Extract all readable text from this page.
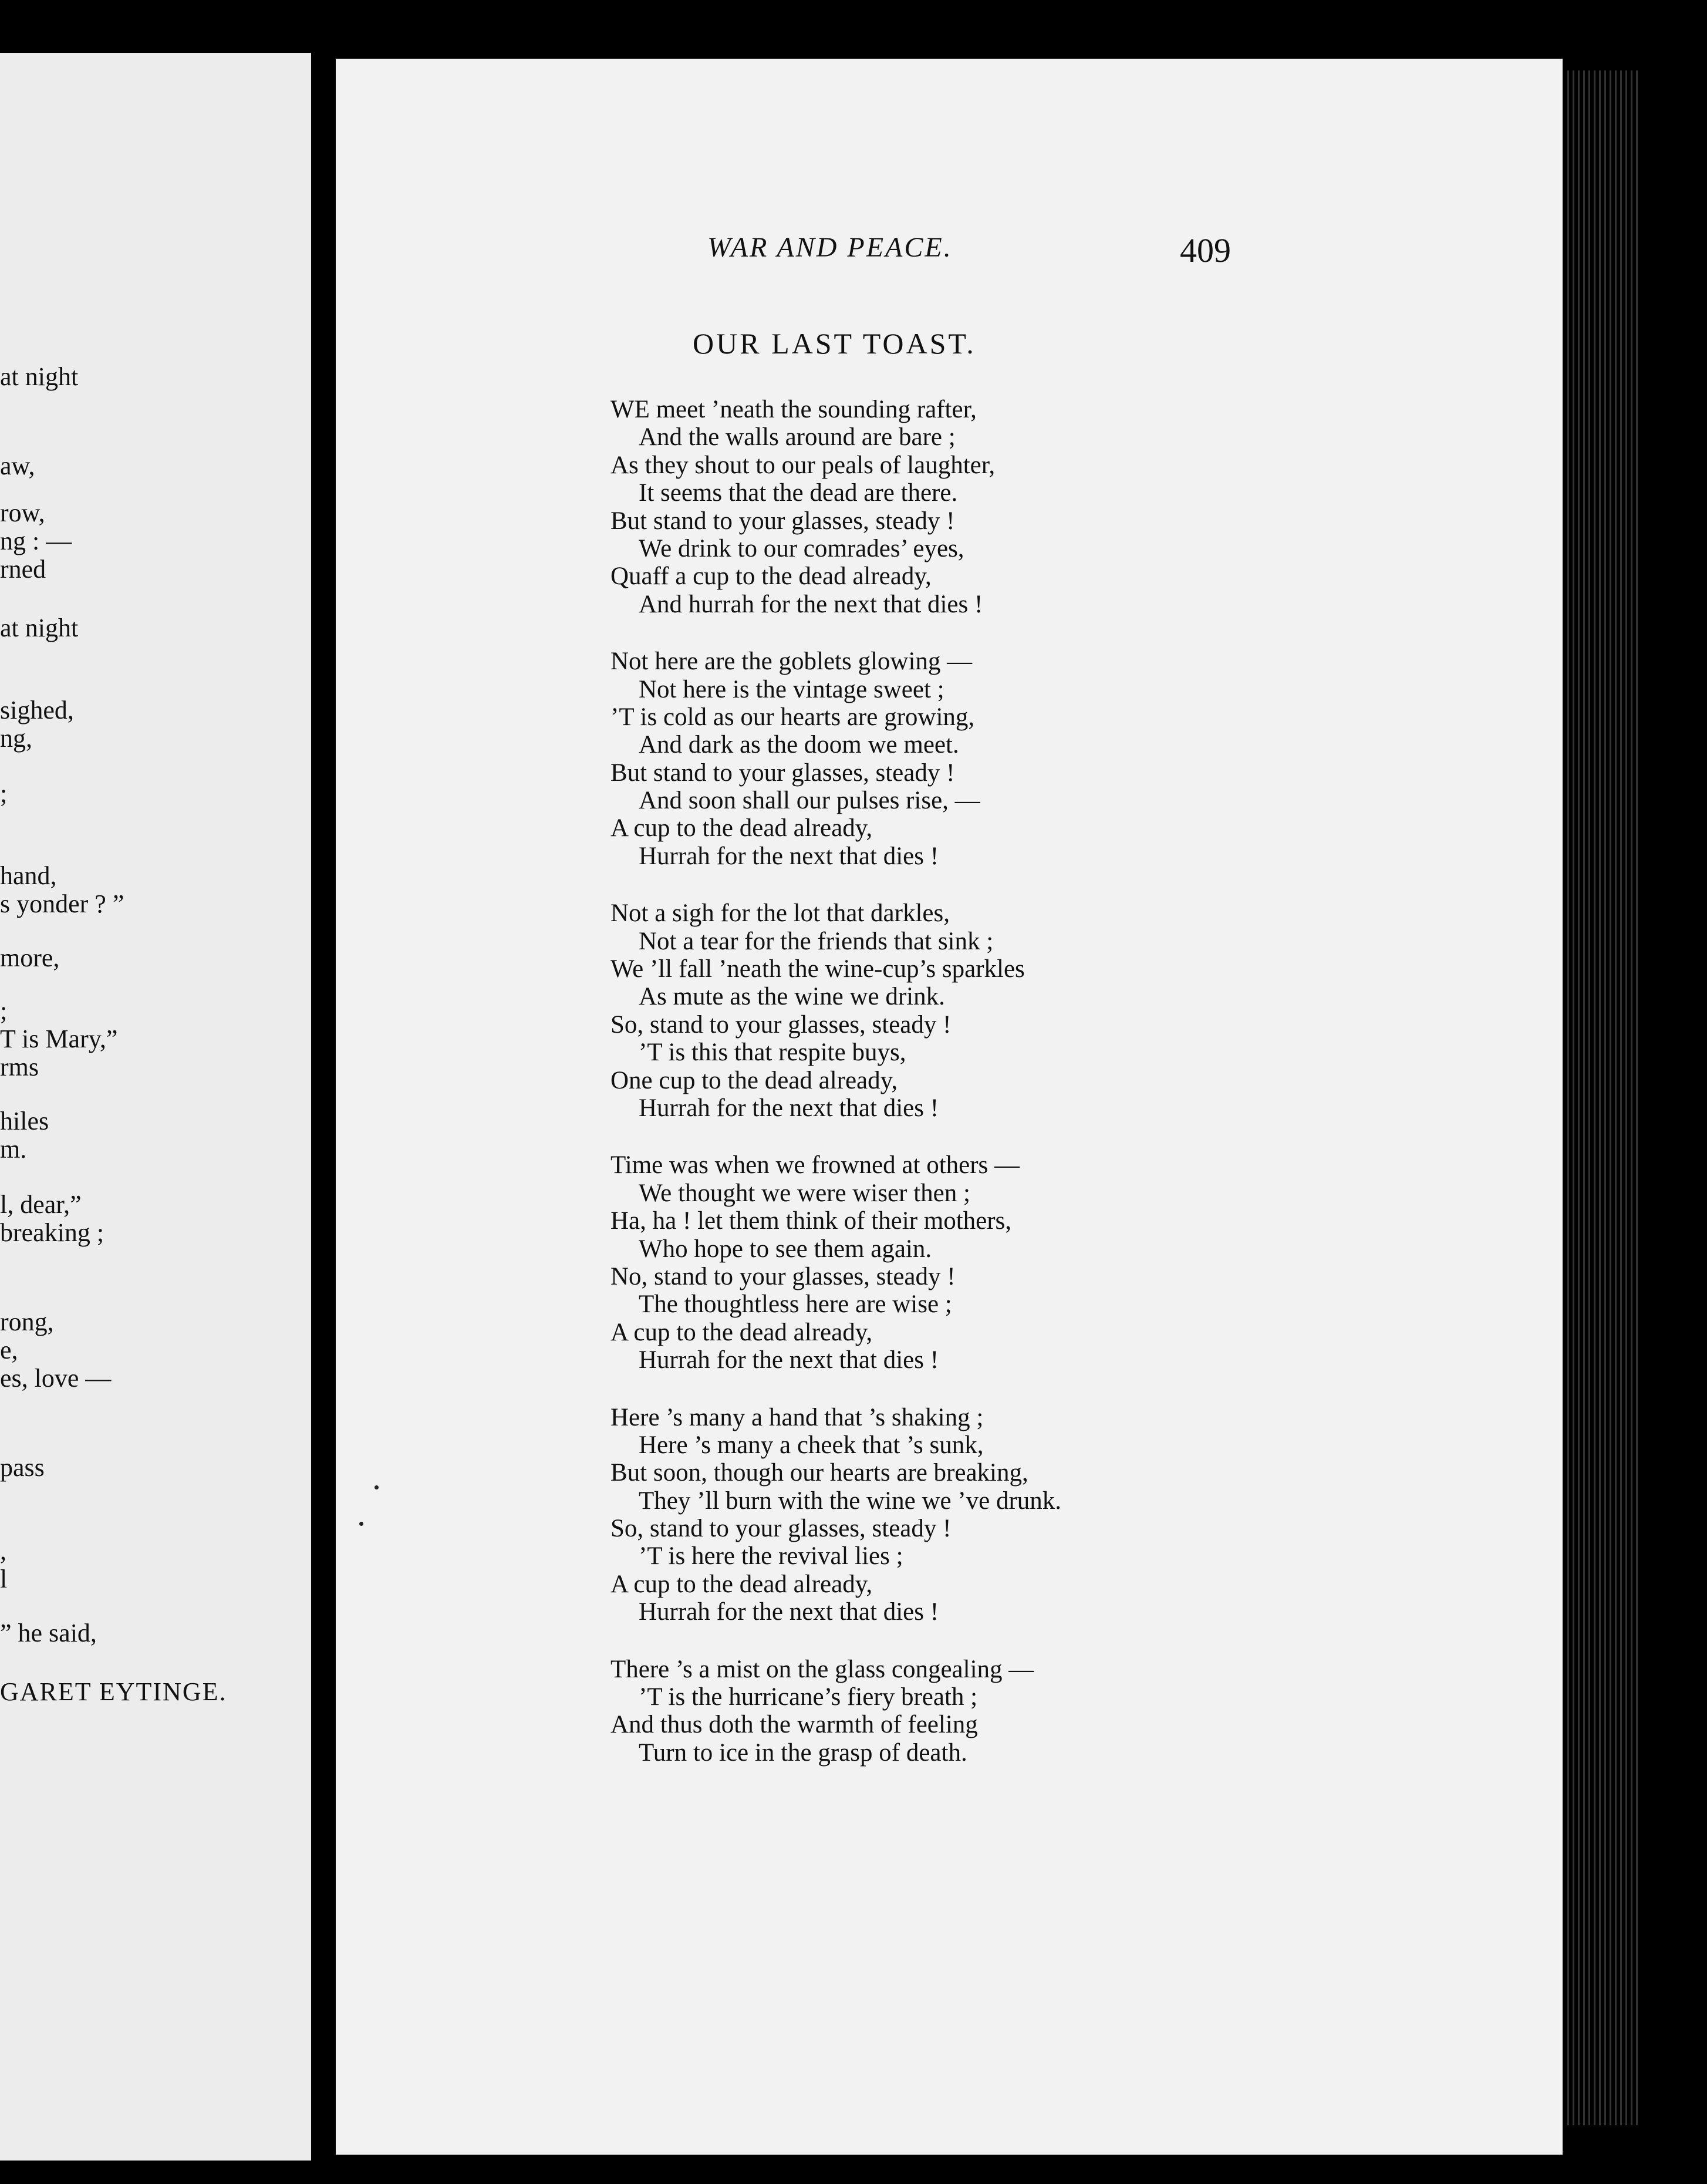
at night
aw,
row,
ng : —
rned
at night
sighed,
ng,
;
hand,
s yonder ? ”
more,
;
T is Mary,”
rms
hiles
m.
l, dear,”
breaking ;
rong,
e,
es, love —
pass
,
l
” he said,
GARET EYTINGE.
WAR AND PEACE.	409
OUR LAST TOAST.
WE meet ’neath the sounding rafter,
And the walls around are bare ;
As they shout to our peals of laughter,
It seems that the dead are there.
But stand to your glasses, steady !
We drink to our comrades’ eyes,
Quaff a cup to the dead already,
And hurrah for the next that dies !
Not here are the goblets glowing —
Not here is the vintage sweet ;
’T is cold as our hearts are growing,
And dark as the doom we meet.
But stand to your glasses, steady !
And soon shall our pulses rise, —
A cup to the dead already,
Hurrah for the next that dies !
Not a sigh for the lot that darkles,
Not a tear for the friends that sink ;
We ’ll fall ’neath the wine-cup’s sparkles
As mute as the wine we drink.
So, stand to your glasses, steady !
’T is this that respite buys,
One cup to the dead already,
Hurrah for the next that dies !
Time was when we frowned at others —
We thought we were wiser then ;
Ha, ha ! let them think of their mothers,
Who hope to see them again.
No, stand to your glasses, steady !
The thoughtless here are wise ;
A cup to the dead already,
Hurrah for the next that dies !
Here ’s many a hand that ’s shaking ;
Here ’s many a cheek that ’s sunk,
But soon, though our hearts are breaking,
They ’ll burn with the wine we ’ve drunk.
So, stand to your glasses, steady !
’T is here the revival lies ;
A cup to the dead already,
Hurrah for the next that dies !
There ’s a mist on the glass congealing —
’T is the hurricane’s fiery breath ;
And thus doth the warmth of feeling
Turn to ice in the grasp of death.
